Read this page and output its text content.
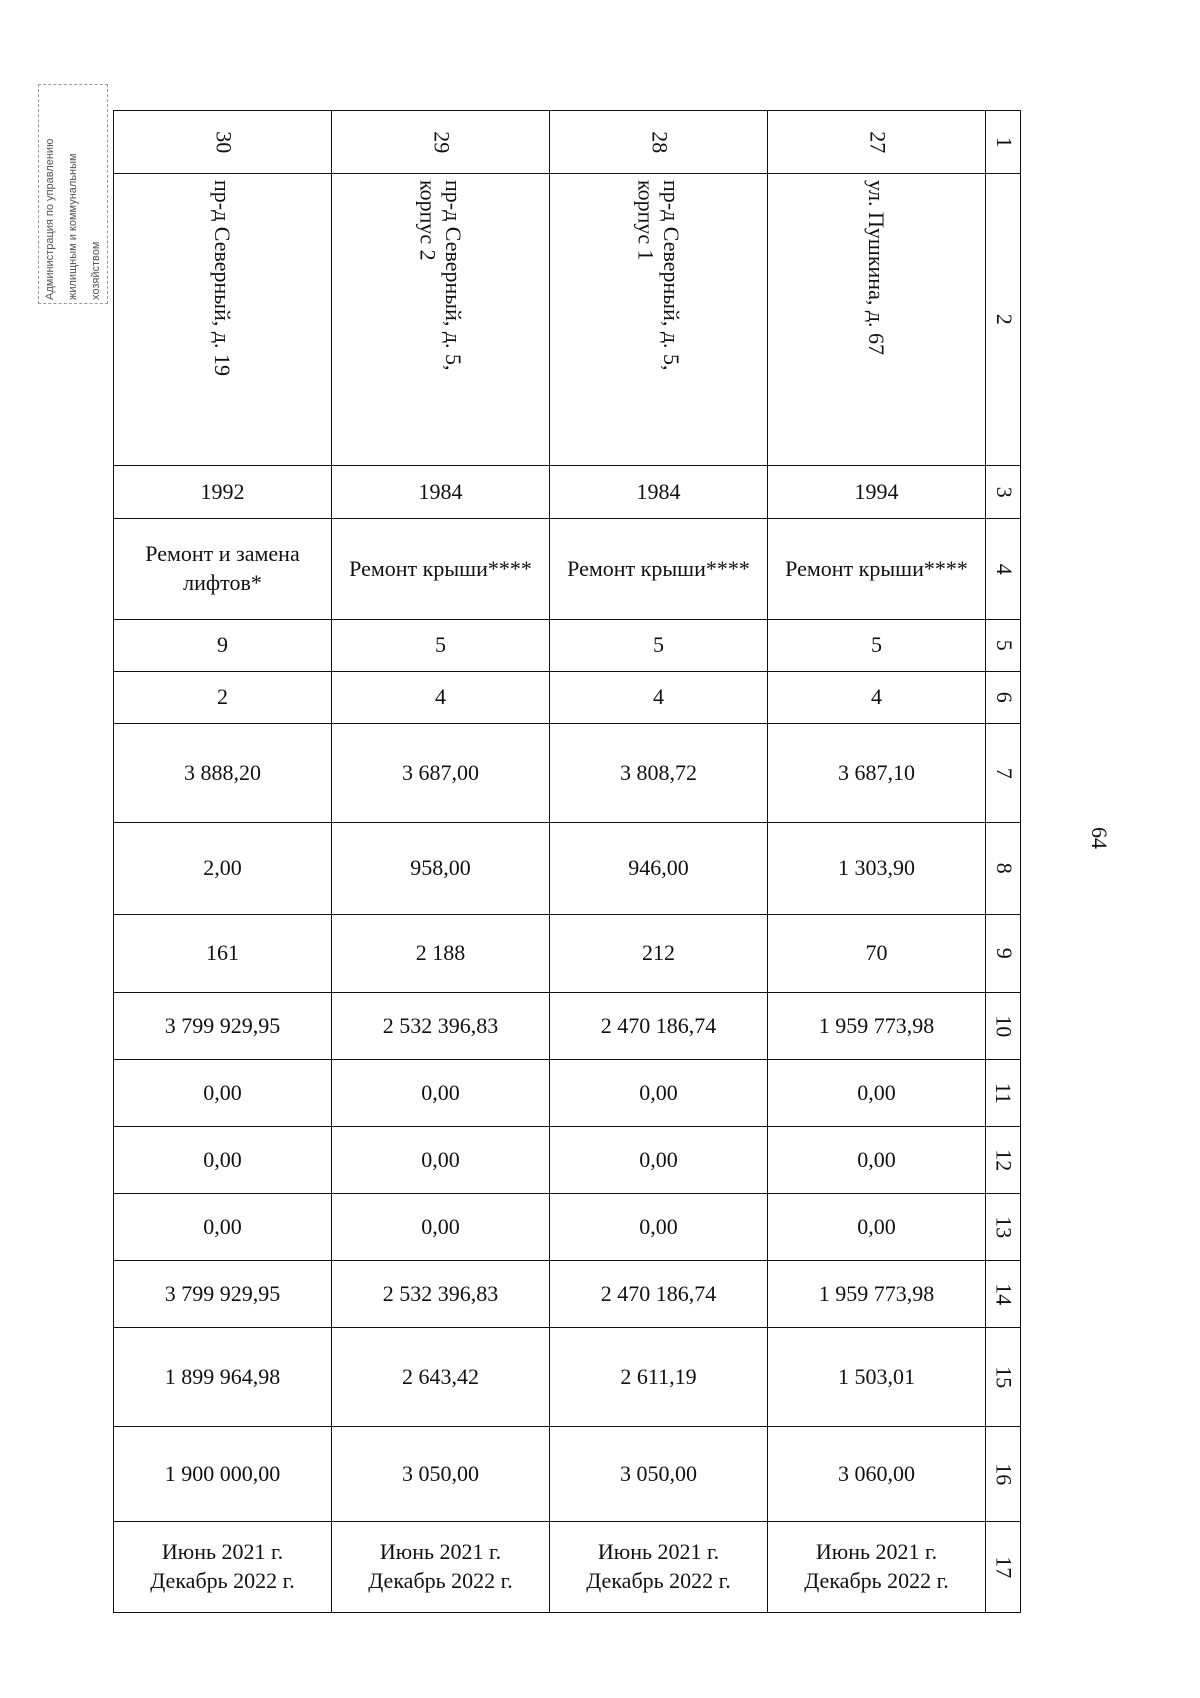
Администрация по управлению жилищным и коммунальным хозяйством
64
30	29	28	27	1
пр-д Северный, д. 19	пр-д Северный, д. 5,
корпус 2	пр-д Северный, д. 5,
корпус 1	ул. Пушкина, д. 67	2
1992	1984	1984	1994	3
Ремонт и замена лифтов*	Ремонт крыши****	Ремонт крыши****	Ремонт крыши****	4
9	5	5	5	5
2	4	4	4	6
3 888,20	3 687,00	3 808,72	3 687,10	7
2,00	958,00	946,00	1 303,90	8
161	2 188	212	70	9
3 799 929,95	2 532 396,83	2 470 186,74	1 959 773,98	10
0,00	0,00	0,00	0,00	11
0,00	0,00	0,00	0,00	12
0,00	0,00	0,00	0,00	13
3 799 929,95	2 532 396,83	2 470 186,74	1 959 773,98	14
1 899 964,98	2 643,42	2 611,19	1 503,01	15
1 900 000,00	3 050,00	3 050,00	3 060,00	16

Июнь 2021 г.
Декабрь 2022 г.	Июнь 2021 г.
Декабрь 2022 г.	Июнь 2021 г.
Декабрь 2022 г.	Июнь 2021 г.
Декабрь 2022 г.	17
